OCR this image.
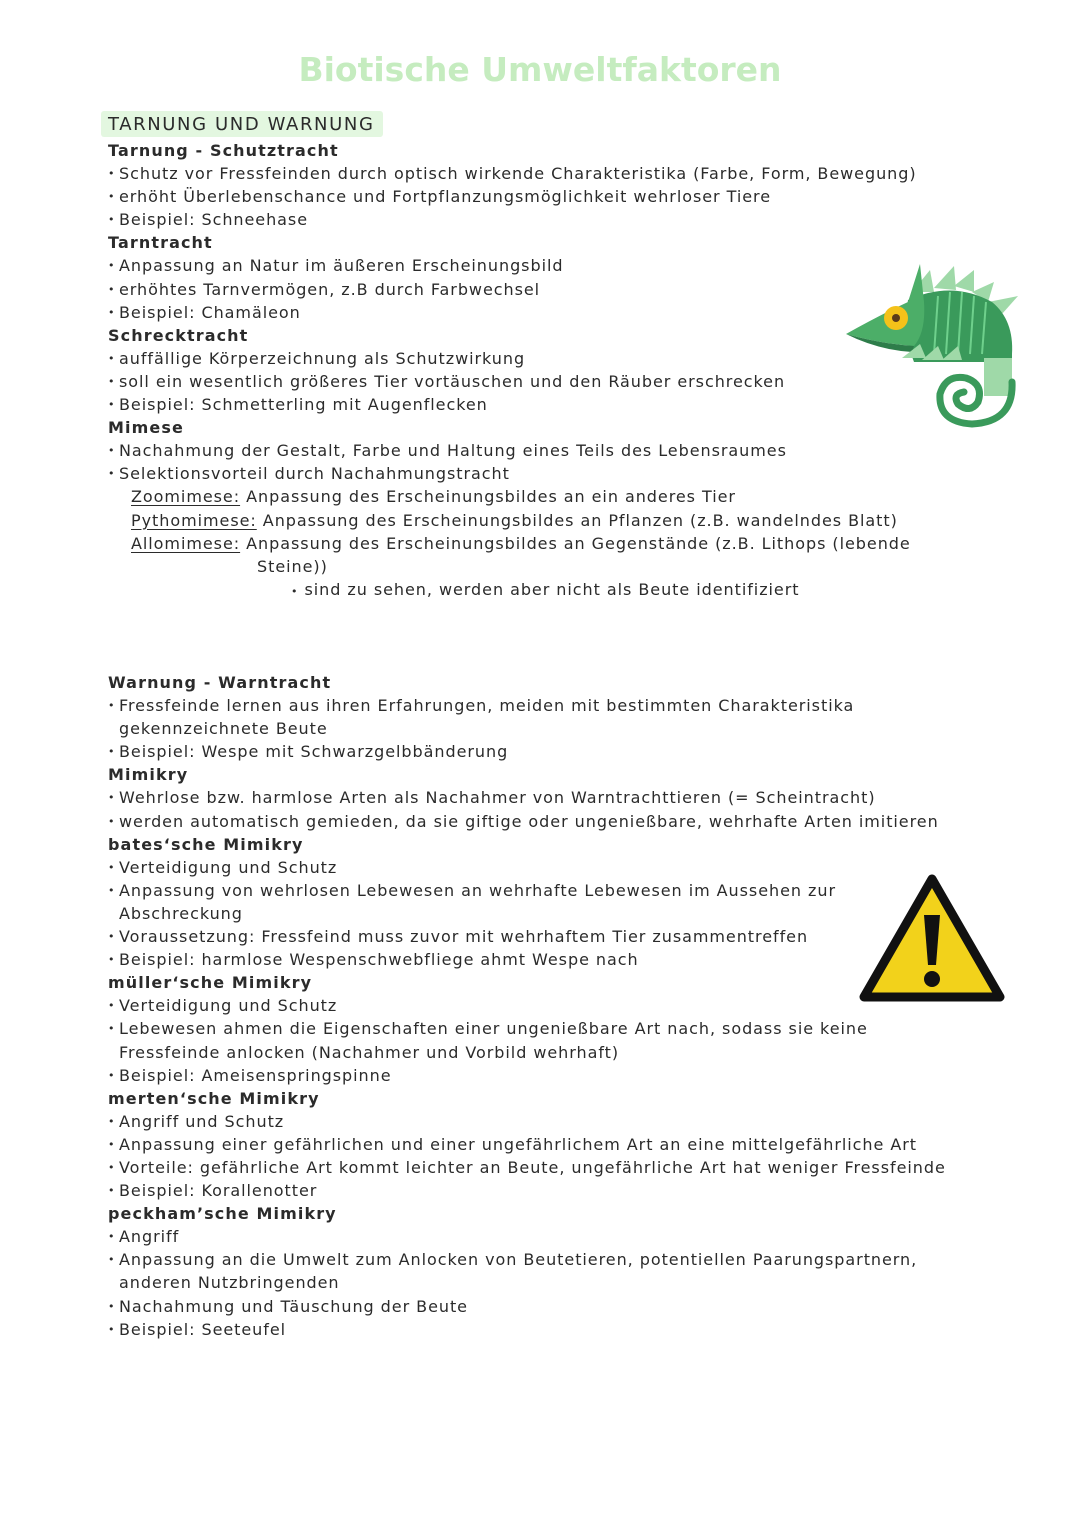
Biotische Umweltfaktoren
TARNUNG UND WARNUNG
Tarnung - Schutztracht
• Schutz vor Fressfeinden durch optisch wirkende Charakteristika (Farbe, Form, Bewegung)
• erhöht Überlebenschance und Fortpflanzungsmöglichkeit wehrloser Tiere
• Beispiel: Schneehase
Tarntracht
• Anpassung an Natur im äußeren Erscheinungsbild
• erhöhtes Tarnvermögen, z.B durch Farbwechsel
• Beispiel: Chamäleon
Schrecktracht
• auffällige Körperzeichnung als Schutzwirkung
• soll ein wesentlich größeres Tier vortäuschen und den Räuber erschrecken
• Beispiel: Schmetterling mit Augenflecken
Mimese
• Nachahmung der Gestalt, Farbe und Haltung eines Teils des Lebensraumes
• Selektionsvorteil durch Nachahmungstracht
Zoomimese: Anpassung des Erscheinungsbildes an ein anderes Tier
Pythomimese: Anpassung des Erscheinungsbildes an Pflanzen (z.B. wandelndes Blatt)
Allomimese: Anpassung des Erscheinungsbildes an Gegenstände (z.B. Lithops (lebende
Steine))
• sind zu sehen, werden aber nicht als Beute identifiziert
Warnung - Warntracht
• Fressfeinde lernen aus ihren Erfahrungen, meiden mit bestimmten Charakteristika
gekennzeichnete Beute
• Beispiel: Wespe mit Schwarzgelbbänderung
Mimikry
• Wehrlose bzw. harmlose Arten als Nachahmer von Warntrachttieren (= Scheintracht)
• werden automatisch gemieden, da sie giftige oder ungenießbare, wehrhafte Arten imitieren
bates‘sche Mimikry
• Verteidigung und Schutz
• Anpassung von wehrlosen Lebewesen an wehrhafte Lebewesen im Aussehen zur
Abschreckung
• Voraussetzung: Fressfeind muss zuvor mit wehrhaftem Tier zusammentreffen
• Beispiel: harmlose Wespenschwebfliege ahmt Wespe nach
müller‘sche Mimikry
• Verteidigung und Schutz
• Lebewesen ahmen die Eigenschaften einer ungenießbare Art nach, sodass sie keine
Fressfeinde anlocken (Nachahmer und Vorbild wehrhaft)
• Beispiel: Ameisenspringspinne
merten‘sche Mimikry
• Angriff und Schutz
• Anpassung einer gefährlichen und einer ungefährlichem Art an eine mittelgefährliche Art
• Vorteile: gefährliche Art kommt leichter an Beute, ungefährliche Art hat weniger Fressfeinde
• Beispiel: Korallenotter
peckham’sche Mimikry
• Angriff
• Anpassung an die Umwelt zum Anlocken von Beutetieren, potentiellen Paarungspartnern,
anderen Nutzbringenden
• Nachahmung und Täuschung der Beute
• Beispiel: Seeteufel
